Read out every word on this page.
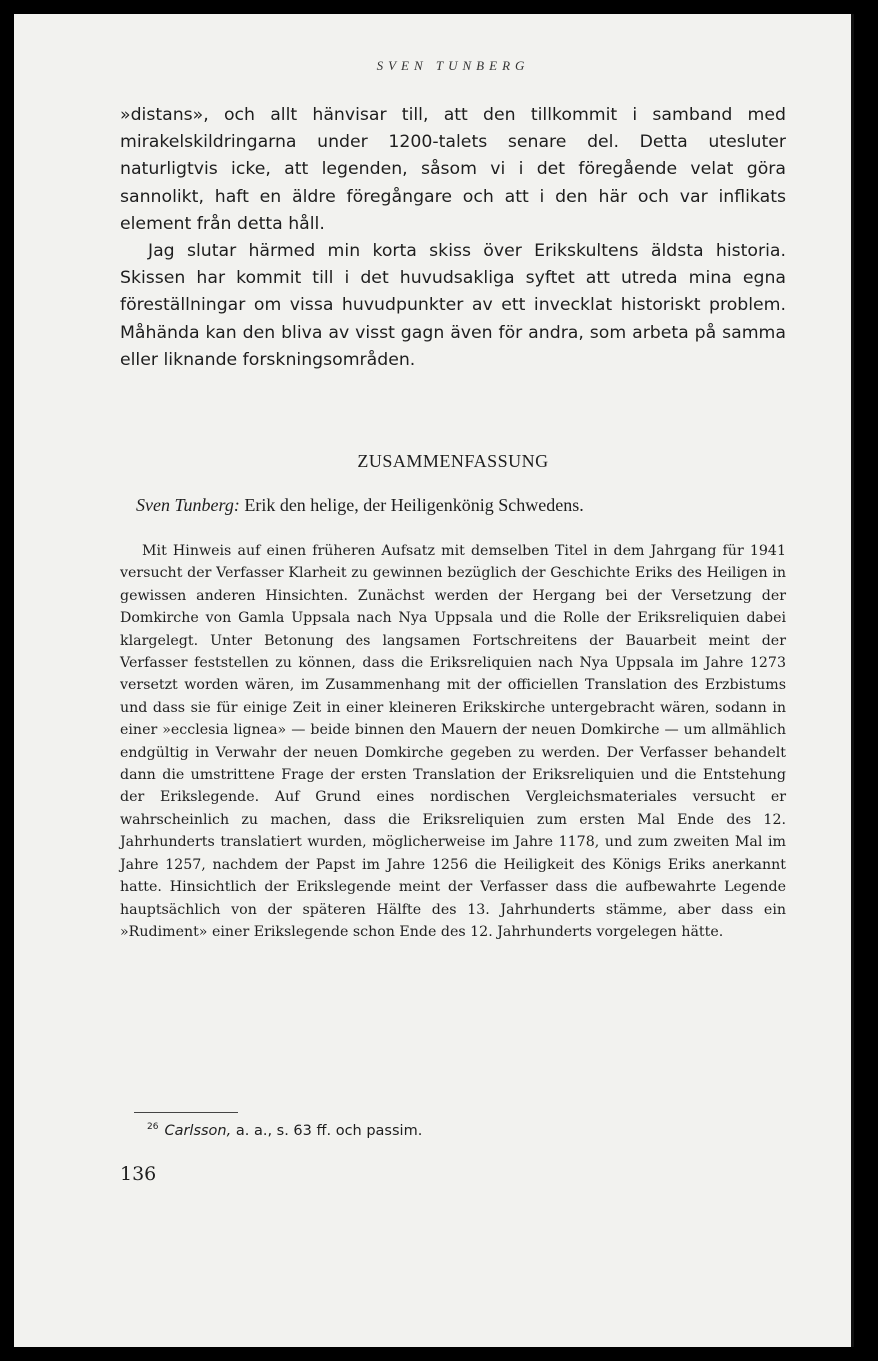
SVEN TUNBERG

»distans», och allt hänvisar till, att den tillkommit i samband med mirakelskildringarna under 1200-talets senare del. Detta utesluter naturligtvis icke, att legenden, såsom vi i det föregående velat göra sannolikt, haft en äldre föregångare och att i den här och var inflikats element från detta håll.

Jag slutar härmed min korta skiss över Erikskultens äldsta historia. Skissen har kommit till i det huvudsakliga syftet att utreda mina egna föreställningar om vissa huvudpunkter av ett invecklat historiskt problem. Måhända kan den bliva av visst gagn även för andra, som arbeta på samma eller liknande forskningsområden.

ZUSAMMENFASSUNG
Sven Tunberg: Erik den helige, der Heiligenkönig Schwedens.

Mit Hinweis auf einen früheren Aufsatz mit demselben Titel in dem Jahrgang für 1941 versucht der Verfasser Klarheit zu gewinnen bezüglich der Geschichte Eriks des Heiligen in gewissen anderen Hinsichten. Zunächst werden der Hergang bei der Versetzung der Domkirche von Gamla Uppsala nach Nya Uppsala und die Rolle der Eriksreliquien dabei klargelegt. Unter Betonung des langsamen Fortschreitens der Bauarbeit meint der Verfasser feststellen zu können, dass die Eriksreliquien nach Nya Uppsala im Jahre 1273 versetzt worden wären, im Zusammenhang mit der officiellen Translation des Erzbistums und dass sie für einige Zeit in einer kleineren Erikskirche untergebracht wären, sodann in einer »ecclesia lignea» — beide binnen den Mauern der neuen Domkirche — um allmählich endgültig in Verwahr der neuen Domkirche gegeben zu werden. Der Verfasser behandelt dann die umstrittene Frage der ersten Translation der Eriksreliquien und die Entstehung der Erikslegende. Auf Grund eines nordischen Vergleichsmateriales versucht er wahrscheinlich zu machen, dass die Eriksreliquien zum ersten Mal Ende des 12. Jahrhunderts translatiert wurden, möglicherweise im Jahre 1178, und zum zweiten Mal im Jahre 1257, nachdem der Papst im Jahre 1256 die Heiligkeit des Königs Eriks anerkannt hatte. Hinsichtlich der Erikslegende meint der Verfasser dass die aufbewahrte Legende hauptsächlich von der späteren Hälfte des 13. Jahrhunderts stämme, aber dass ein »Rudiment» einer Erikslegende schon Ende des 12. Jahrhunderts vorgelegen hätte.

$^{26}$ Carlsson, a. a., s. 63 ff. och passim.
136
